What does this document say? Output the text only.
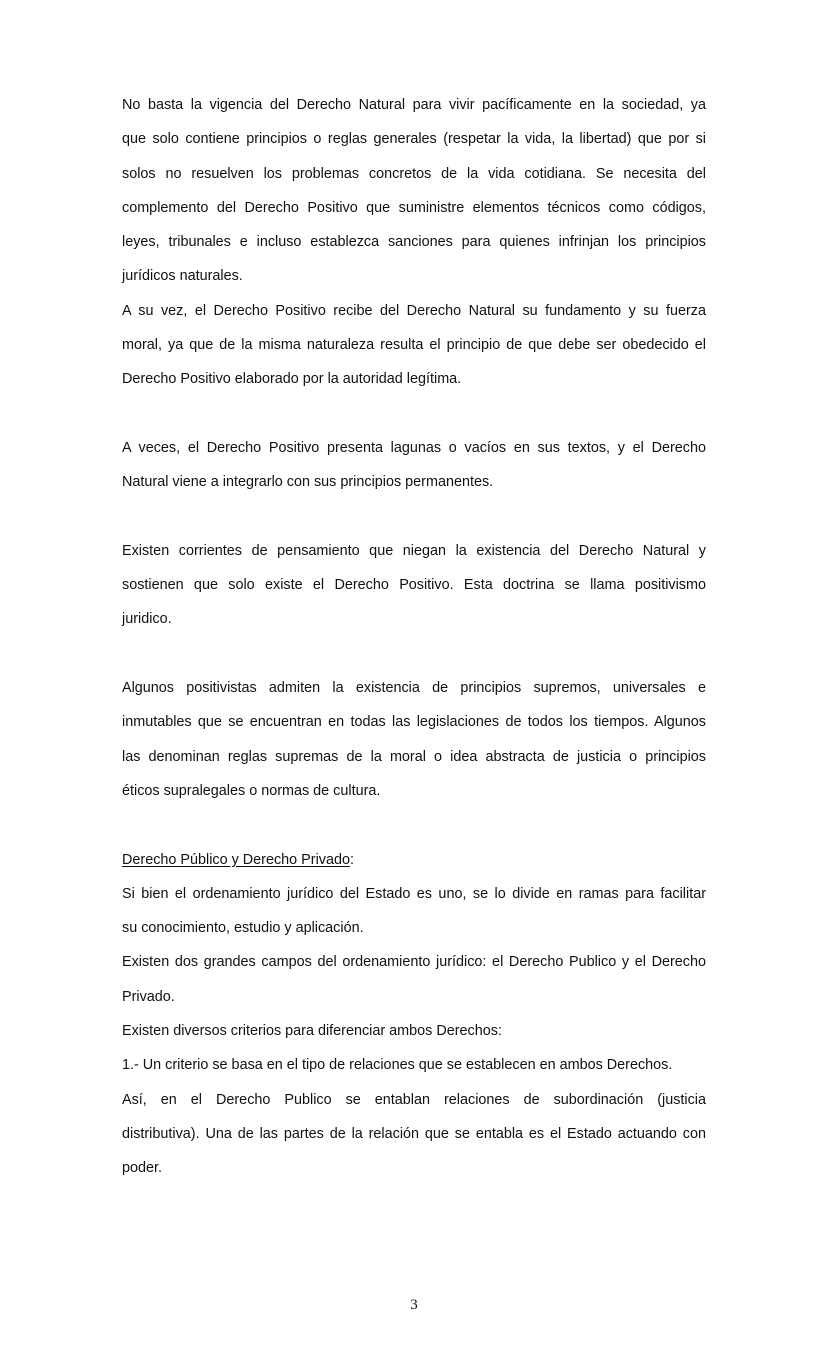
No basta la vigencia del Derecho Natural para vivir pacíficamente en la sociedad, ya
que solo contiene principios o reglas generales (respetar la vida, la libertad) que por si
solos no resuelven los problemas concretos de la vida cotidiana. Se necesita del
complemento del Derecho Positivo que suministre elementos técnicos como códigos,
leyes, tribunales e incluso establezca sanciones para quienes infrinjan los principios
jurídicos naturales.
A su vez, el Derecho Positivo recibe del Derecho Natural su fundamento y su fuerza
moral, ya que de la misma naturaleza resulta el principio de que debe ser obedecido el
Derecho Positivo elaborado por la autoridad legítima.
A veces, el Derecho Positivo presenta lagunas o vacíos en sus textos, y el Derecho
Natural viene a integrarlo con sus principios permanentes.
Existen corrientes de pensamiento que niegan la existencia del Derecho Natural y
sostienen que solo existe el Derecho Positivo. Esta doctrina se llama positivismo
juridico.
Algunos positivistas admiten la existencia de principios supremos, universales e
inmutables que se encuentran en todas las legislaciones de todos los tiempos. Algunos
las denominan reglas supremas de la moral o idea abstracta de justicia o principios
éticos supralegales o normas de cultura.
Derecho Público y Derecho Privado:
Si bien el ordenamiento jurídico del Estado es uno, se lo divide en ramas para facilitar
su conocimiento, estudio y aplicación.
Existen dos grandes campos del ordenamiento jurídico: el Derecho Publico y el Derecho
Privado.
Existen diversos criterios para diferenciar ambos Derechos:
1.- Un criterio se basa en el tipo de relaciones que se establecen en ambos Derechos.
Así, en el Derecho Publico se entablan relaciones de subordinación (justicia
distributiva). Una de las partes de la relación que se entabla es el Estado actuando con
poder.
3
